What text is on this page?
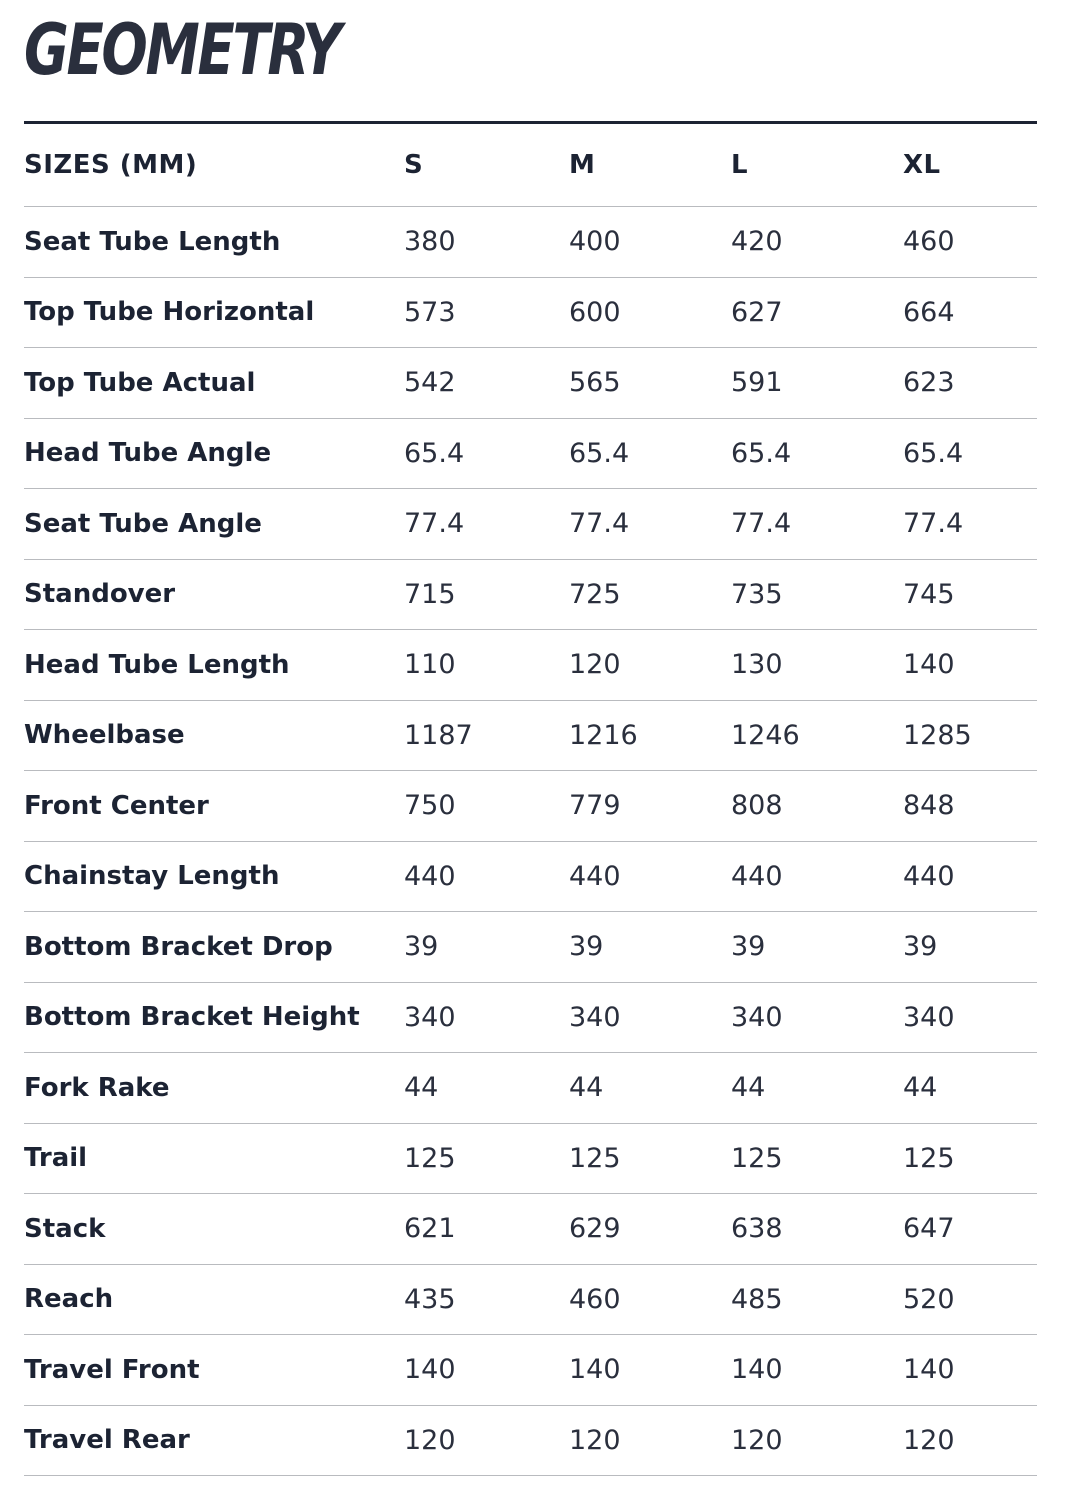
GEOMETRY
SIZES (MM)	S	M	L	XL
Seat Tube Length	380	400	420	460
Top Tube Horizontal	573	600	627	664
Top Tube Actual	542	565	591	623
Head Tube Angle	65.4	65.4	65.4	65.4
Seat Tube Angle	77.4	77.4	77.4	77.4
Standover	715	725	735	745
Head Tube Length	110	120	130	140
Wheelbase	1187	1216	1246	1285
Front Center	750	779	808	848
Chainstay Length	440	440	440	440
Bottom Bracket Drop	39	39	39	39
Bottom Bracket Height	340	340	340	340
Fork Rake	44	44	44	44
Trail	125	125	125	125
Stack	621	629	638	647
Reach	435	460	485	520
Travel Front	140	140	140	140
Travel Rear	120	120	120	120
